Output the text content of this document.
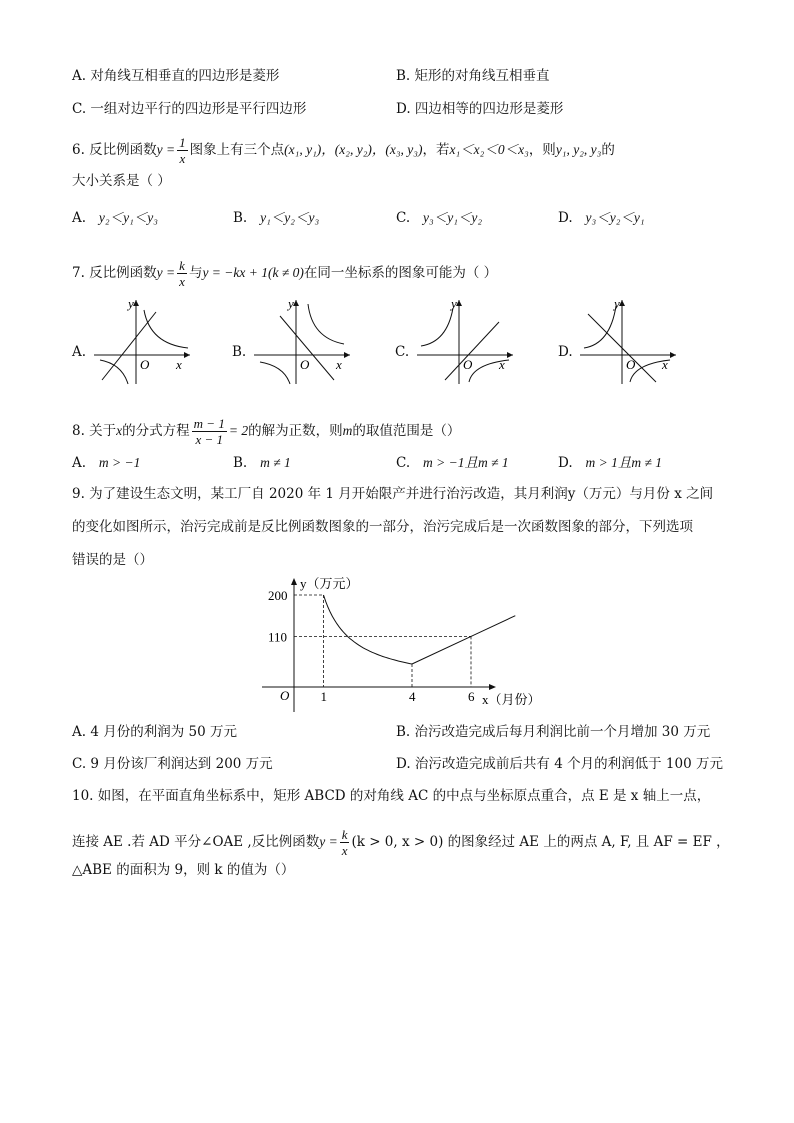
A. 对角线互相垂直的四边形是菱形	B. 矩形的对角线互相垂直
C. 一组对边平行的四边形是平行四边形	D. 四边相等的四边形是菱形
6. 反比例函数$y = \frac{1}{x}$ 图象上有三个点(x₁, y₁)，(x₂, y₂)，(x₃, y₃)，若x₁＜x₂＜0＜x₃，则y₁, y₂, y₃的
大小关系是（ ）
A. y₂＜y₁＜y₃	B. y₁＜y₂＜y₃	C. y₃＜y₁＜y₂	D. y₃＜y₂＜y₁
7. 反比例函数$y = \frac{k}{x}$ 与y = −kx + 1(k ≠ 0)在同一坐标系的图象可能为（ ）
A.
y
O x
B.
y
O x
C.
y
O x
D.
y
O x
8. 关于x的分式方程 $\frac{m - 1}{x - 1} = 2$的解为正数，则m的取值范围是（）
A. m > −1	B. m ≠ 1	C. m > −1且m ≠ 1	D. m > 1且m ≠ 1
9. 为了建设生态文明，某工厂自 2020 年 1 月开始限产并进行治污改造，其月利润y（万元）与月份 x 之间
的变化如图所示，治污完成前是反比例函数图象的一部分，治污完成后是一次函数图象的部分，下列选项
错误的是（）
200
110
1	4	6
y（万元）
x（月份）
O
A. 4 月份的利润为 50 万元	B. 治污改造完成后每月利润比前一个月增加 30 万元
C. 9 月份该厂利润达到 200 万元	D. 治污改造完成前后共有 4 个月的利润低于 100 万元
10. 如图，在平面直角坐标系中，矩形 ABCD 的对角线 AC 的中点与坐标原点重合，点 E 是 x 轴上一点，
连接 AE .若 AD 平分∠OAE ,反比例函数$y = \frac{k}{x} (k > 0$, x > 0) 的图象经过 AE 上的两点 A, F, 且 AF = EF ，
△ABE 的面积为 9，则 k 的值为（）
